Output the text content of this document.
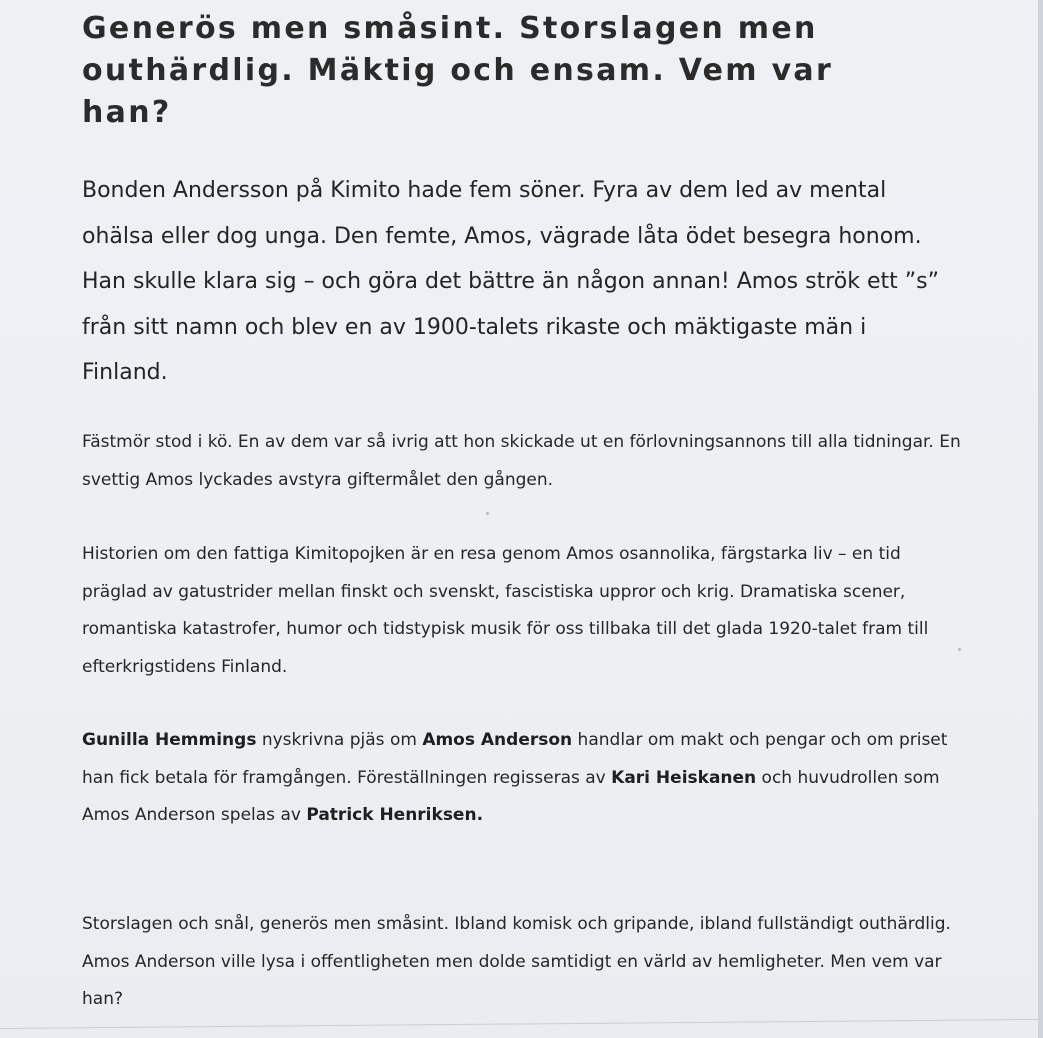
Generös men småsint. Storslagen men outhärdlig. Mäktig och ensam. Vem var han?

Bonden Andersson på Kimito hade fem söner. Fyra av dem led av mental ohälsa eller dog unga. Den femte, Amos, vägrade låta ödet besegra honom. Han skulle klara sig – och göra det bättre än någon annan! Amos strök ett ”s” från sitt namn och blev en av 1900-talets rikaste och mäktigaste män i Finland.

Fästmör stod i kö. En av dem var så ivrig att hon skickade ut en förlovningsannons till alla tidningar. En svettig Amos lyckades avstyra giftermålet den gången.

Historien om den fattiga Kimitopojken är en resa genom Amos osannolika, färgstarka liv – en tid präglad av gatustrider mellan finskt och svenskt, fascistiska uppror och krig. Dramatiska scener, romantiska katastrofer, humor och tidstypisk musik för oss tillbaka till det glada 1920-talet fram till efterkrigstidens Finland.

Gunilla Hemmings nyskrivna pjäs om Amos Anderson handlar om makt och pengar och om priset han fick betala för framgången. Föreställningen regisseras av Kari Heiskanen och huvudrollen som Amos Anderson spelas av Patrick Henriksen.

Storslagen och snål, generös men småsint. Ibland komisk och gripande, ibland fullständigt outhärdlig. Amos Anderson ville lysa i offentligheten men dolde samtidigt en värld av hemligheter. Men vem var han?
